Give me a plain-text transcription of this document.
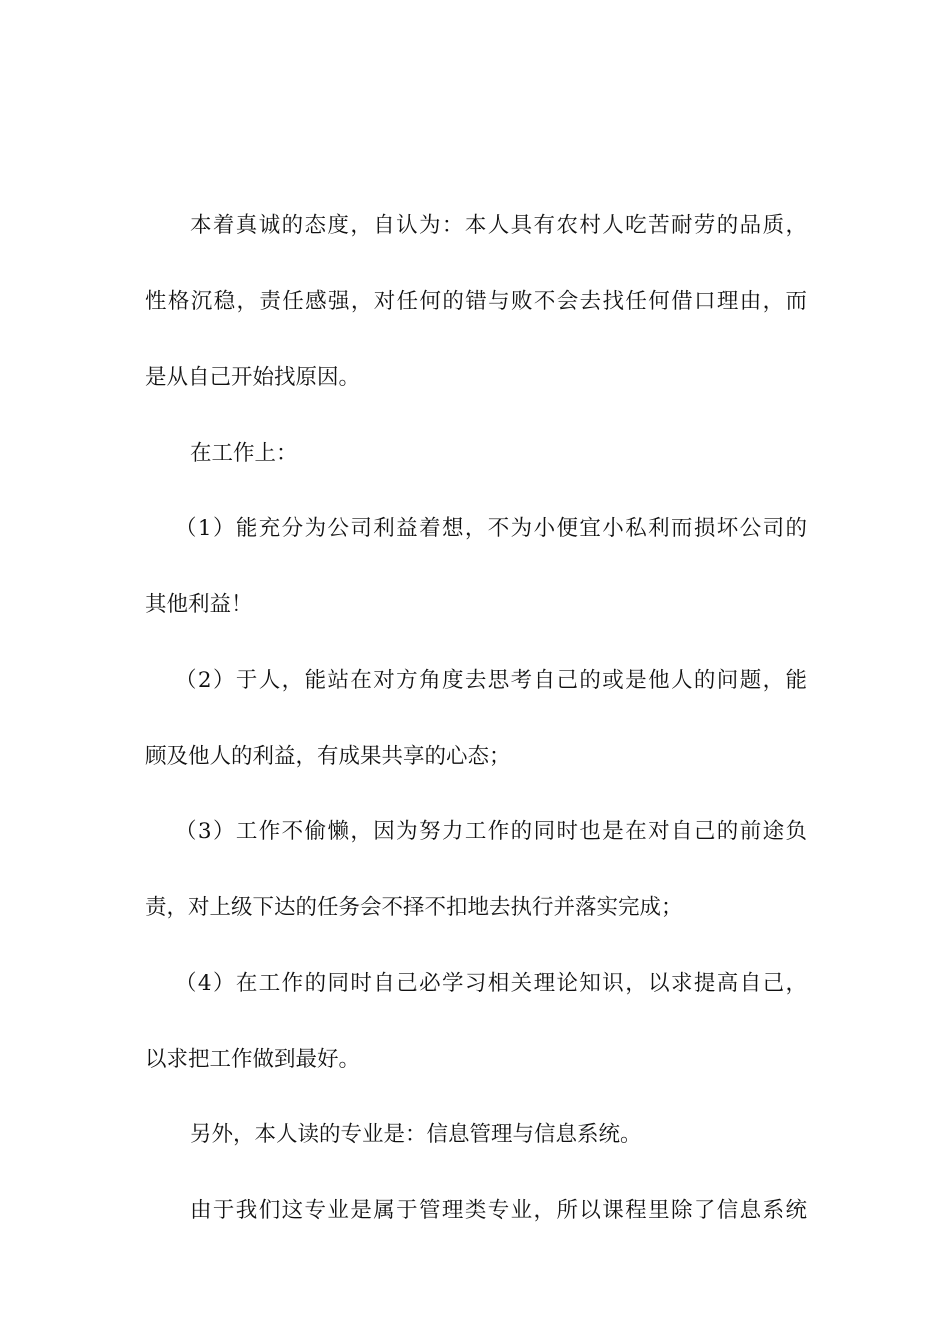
本着真诚的态度，自认为：本人具有农村人吃苦耐劳的品质，
性格沉稳，责任感强，对任何的错与败不会去找任何借口理由，而
是从自己开始找原因。
在工作上：
（1）能充分为公司利益着想，不为小便宜小私利而损坏公司的
其他利益！
（2）于人，能站在对方角度去思考自己的或是他人的问题，能
顾及他人的利益，有成果共享的心态；
（3）工作不偷懒，因为努力工作的同时也是在对自己的前途负
责，对上级下达的任务会不择不扣地去执行并落实完成；
（4）在工作的同时自己必学习相关理论知识，以求提高自己，
以求把工作做到最好。
另外，本人读的专业是：信息管理与信息系统。
由于我们这专业是属于管理类专业，所以课程里除了信息系统
